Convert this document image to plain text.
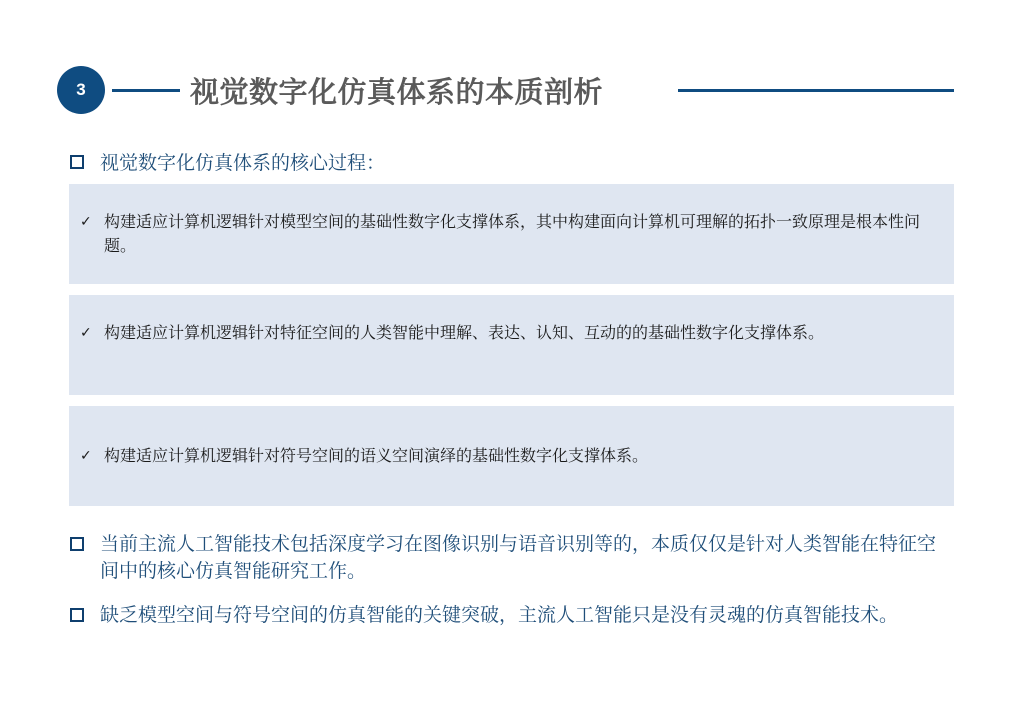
3	视觉数字化仿真体系的本质剖析
视觉数字化仿真体系的核心过程：
✓ 构建适应计算机逻辑针对模型空间的基础性数字化支撑体系，其中构建面向计算机可理解的拓扑一致原理是根本性问题。
✓ 构建适应计算机逻辑针对特征空间的人类智能中理解、表达、认知、互动的的基础性数字化支撑体系。
✓ 构建适应计算机逻辑针对符号空间的语义空间演绎的基础性数字化支撑体系。
当前主流人工智能技术包括深度学习在图像识别与语音识别等的，本质仅仅是针对人类智能在特征空间中的核心仿真智能研究工作。
缺乏模型空间与符号空间的仿真智能的关键突破，主流人工智能只是没有灵魂的仿真智能技术。
